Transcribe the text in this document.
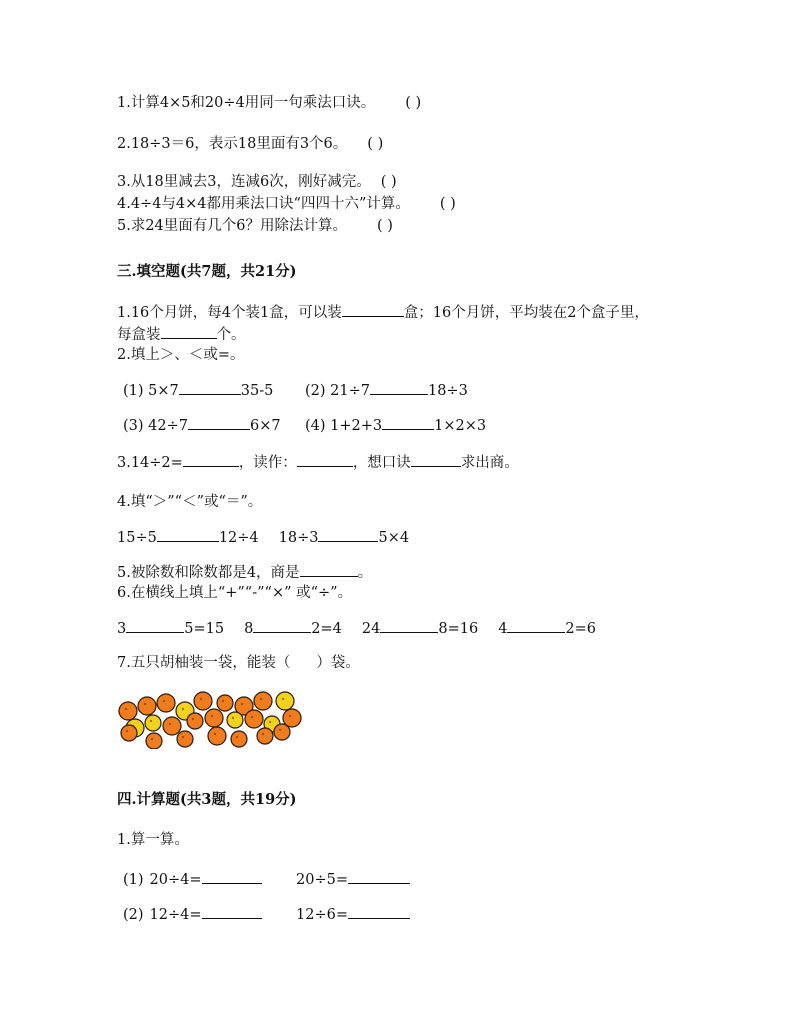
1.计算4×5和20÷4用同一句乘法口诀。 ( )
2.18÷3＝6，表示18里面有3个6。 ( )
3.从18里减去3，连减6次，刚好减完。 ( )
4.4÷4与4×4都用乘法口诀“四四十六”计算。 ( )
5.求24里面有几个6？用除法计算。 ( )
三.填空题(共7题，共21分)
1.16个月饼，每4个装1盒，可以装	盒；16个月饼，平均装在2个盒子里，
每盒装	个。
2.填上＞、＜或=。
(1) 5×7	35-5 (2) 21÷7	18÷3
(3) 42÷7	6×7 (4) 1+2+3	1×2×3
3.14÷2=	，读作：	，想口诀	求出商。
4.填“＞”“＜”或“＝”。
15÷5	12÷4 18÷3	5×4
5.被除数和除数都是4，商是	。
6.在横线上填上“+”“-”“×” 或“÷”。
3	5=15 8	2=4 24	8=16 4	2=6
7.五只胡柚装一袋，能装（ ）袋。
四.计算题(共3题，共19分)
1.算一算。
(1) 20÷4=	20÷5=
(2) 12÷4=	12÷6=
